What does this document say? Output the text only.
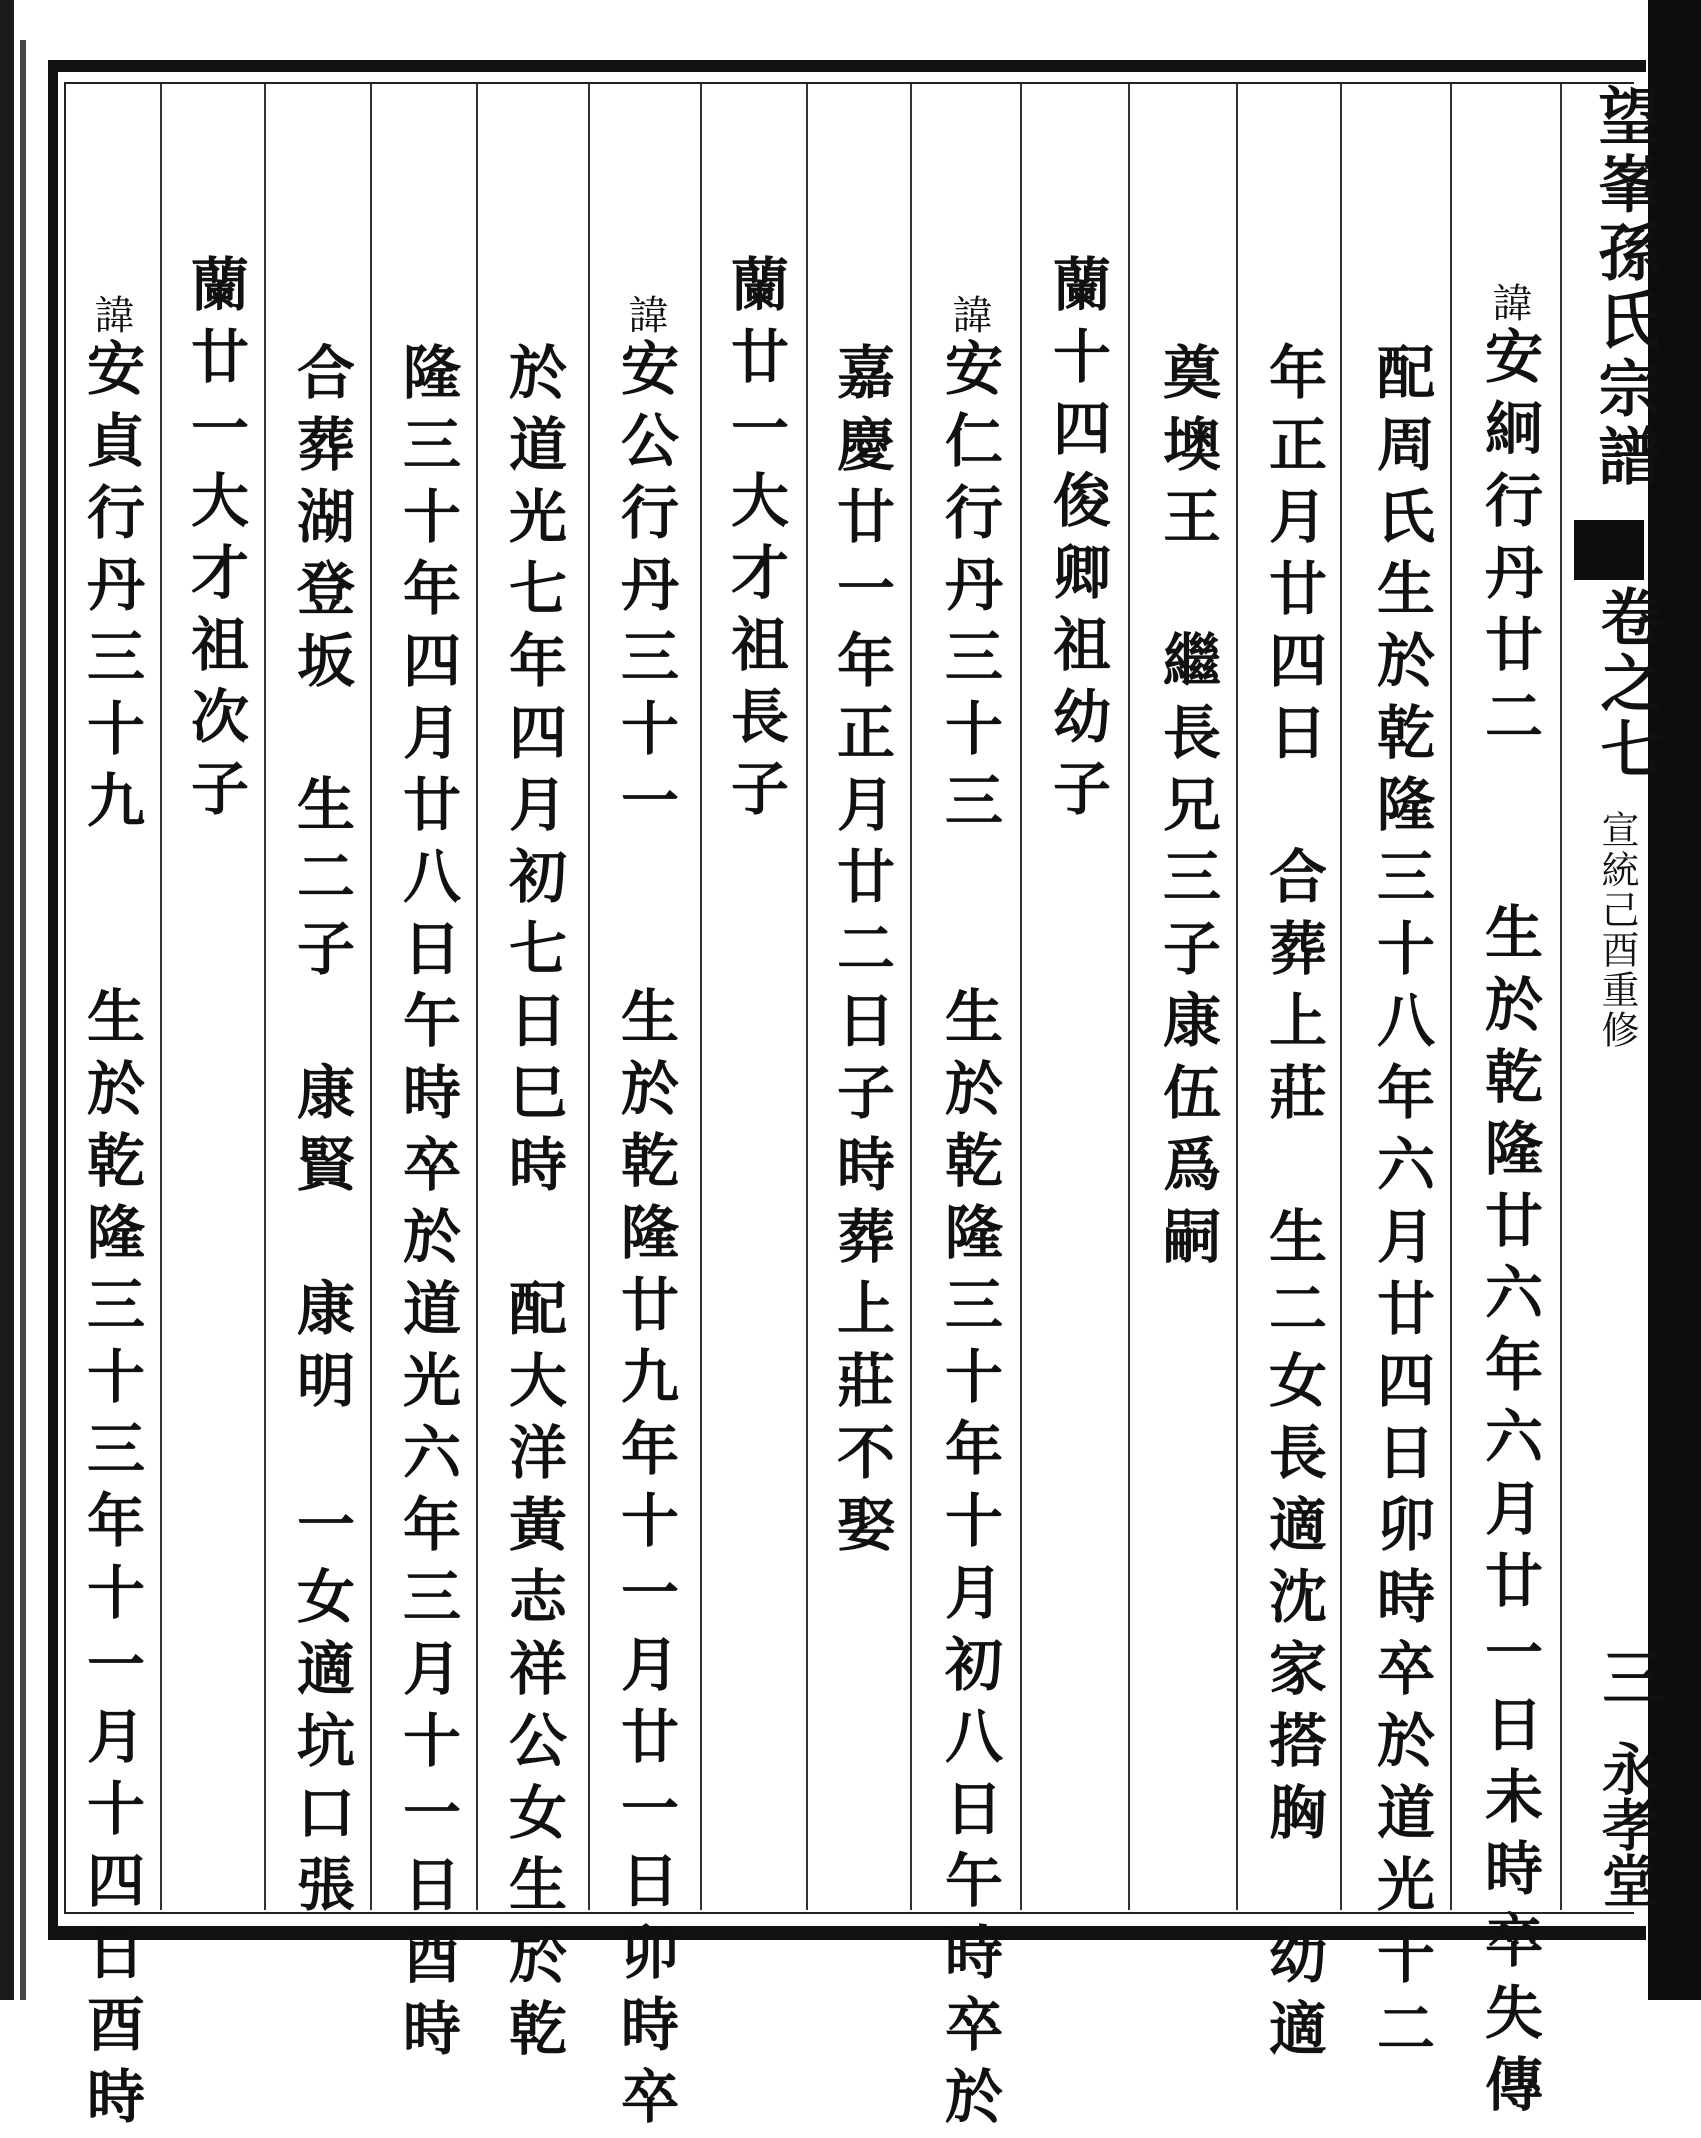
望峯孫氏宗譜
卷之七
宣統己酉重修
三
永孝堂

諱安絅行丹廿二　　生於乾隆廿六年六月廿一日未時卒失傳

配周氏生於乾隆三十八年六月廿四日卯時卒於道光十二

年正月廿四日　合葬上莊　生二女長適沈家搭胸　幼適

奠墺王　繼長兄三子康伍爲嗣

蘭十四俊卿祖幼子

諱安仁行丹三十三　　生於乾隆三十年十月初八日午時卒於

嘉慶廿一年正月廿二日子時葬上莊不娶

蘭廿一大才祖長子

諱安公行丹三十一　　生於乾隆廿九年十一月廿一日卯時卒

於道光七年四月初七日巳時　配大洋黃志祥公女生於乾

隆三十年四月廿八日午時卒於道光六年三月十一日酉時

合葬湖登坂　生二子　康賢　康明　一女適坑口張

蘭廿一大才祖次子

諱安貞行丹三十九　　生於乾隆三十三年十一月十四日酉時
